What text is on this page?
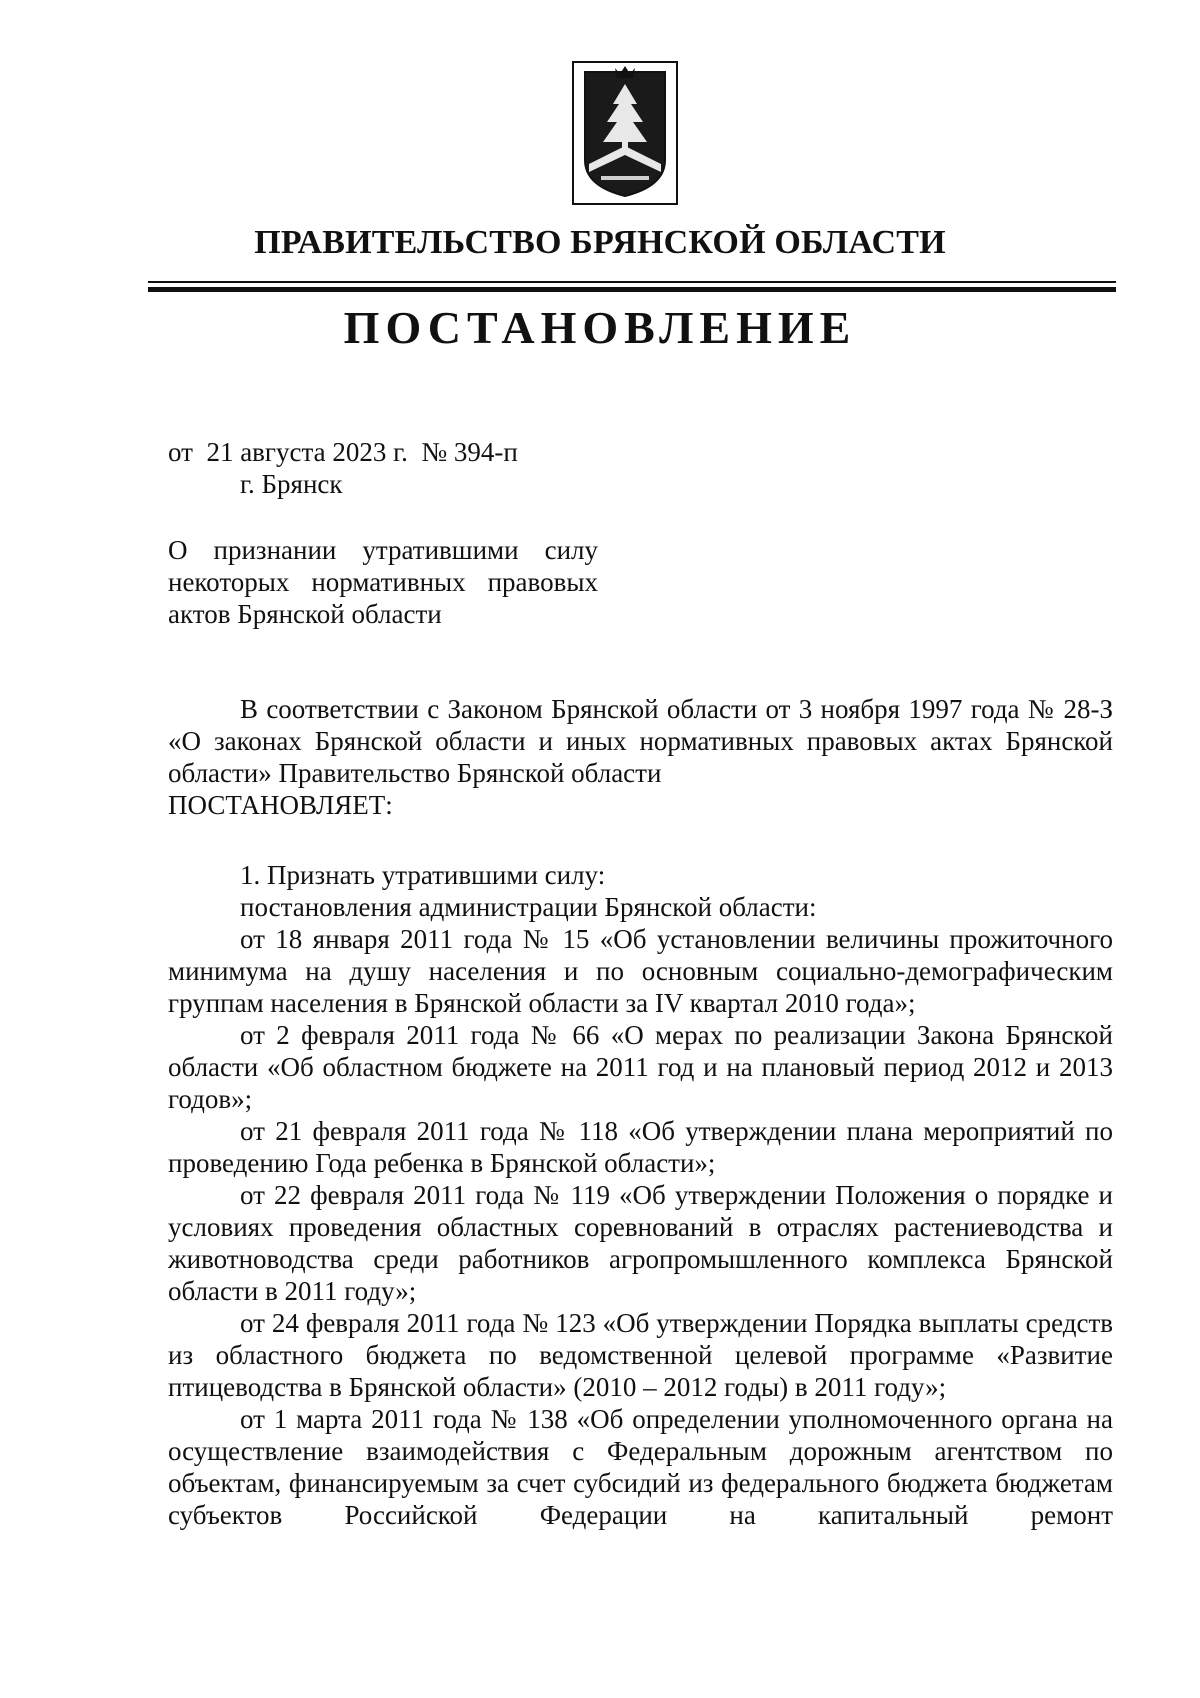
ПРАВИТЕЛЬСТВО БРЯНСКОЙ ОБЛАСТИ
ПОСТАНОВЛЕНИЕ
от  21 августа 2023 г.  № 394-п
г. Брянск
О признании утратившими силу
некоторых нормативных правовых
актов Брянской области
В соответствии с Законом Брянской области от 3 ноября 1997 года № 28-З «О законах Брянской области и иных нормативных правовых актах Брянской области» Правительство Брянской области
ПОСТАНОВЛЯЕТ:
1. Признать утратившими силу:
постановления администрации Брянской области:
от 18 января 2011 года № 15 «Об установлении величины прожиточного минимума на душу населения и по основным социально-демографическим группам населения в Брянской области за IV квартал 2010 года»;
от 2 февраля 2011 года № 66 «О мерах по реализации Закона Брянской области «Об областном бюджете на 2011 год и на плановый период 2012 и 2013 годов»;
от 21 февраля 2011 года № 118 «Об утверждении плана мероприятий по проведению Года ребенка в Брянской области»;
от 22 февраля 2011 года № 119 «Об утверждении Положения о порядке и условиях проведения областных соревнований в отраслях растениеводства и животноводства среди работников агропромышленного комплекса Брянской области в 2011 году»;
от 24 февраля 2011 года № 123 «Об утверждении Порядка выплаты средств из областного бюджета по ведомственной целевой программе «Развитие птицеводства в Брянской области» (2010 – 2012 годы) в 2011 году»;
от 1 марта 2011 года № 138 «Об определении уполномоченного органа на осуществление взаимодействия с Федеральным дорожным агентством по объектам, финансируемым за счет субсидий из федерального бюджета бюджетам субъектов Российской Федерации на капитальный ремонт
